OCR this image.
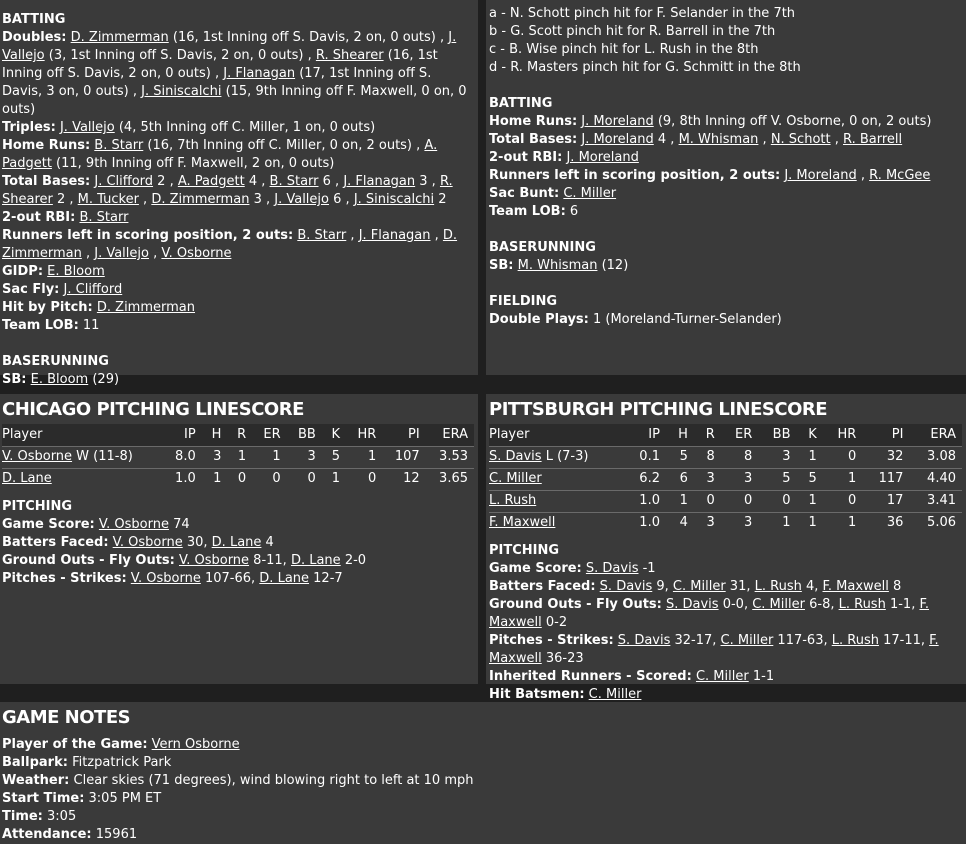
BATTING
Doubles: D. Zimmerman (16, 1st Inning off S. Davis, 2 on, 0 outs) , J. Vallejo (3, 1st Inning off S. Davis, 2 on, 0 outs) , R. Shearer (16, 1st Inning off S. Davis, 2 on, 0 outs) , J. Flanagan (17, 1st Inning off S. Davis, 3 on, 0 outs) , J. Siniscalchi (15, 9th Inning off F. Maxwell, 0 on, 0 outs)
Triples: J. Vallejo (4, 5th Inning off C. Miller, 1 on, 0 outs)
Home Runs: B. Starr (16, 7th Inning off C. Miller, 0 on, 2 outs) , A. Padgett (11, 9th Inning off F. Maxwell, 2 on, 0 outs)
Total Bases: J. Clifford 2 , A. Padgett 4 , B. Starr 6 , J. Flanagan 3 , R. Shearer 2 , M. Tucker , D. Zimmerman 3 , J. Vallejo 6 , J. Siniscalchi 2
2-out RBI: B. Starr
Runners left in scoring position, 2 outs: B. Starr , J. Flanagan , D. Zimmerman , J. Vallejo , V. Osborne
GIDP: E. Bloom
Sac Fly: J. Clifford
Hit by Pitch: D. Zimmerman
Team LOB: 11
BASERUNNING
SB: E. Bloom (29)
a - N. Schott pinch hit for F. Selander in the 7th
b - G. Scott pinch hit for R. Barrell in the 7th
c - B. Wise pinch hit for L. Rush in the 8th
d - R. Masters pinch hit for G. Schmitt in the 8th
BATTING
Home Runs: J. Moreland (9, 8th Inning off V. Osborne, 0 on, 2 outs)
Total Bases: J. Moreland 4 , M. Whisman , N. Schott , R. Barrell
2-out RBI: J. Moreland
Runners left in scoring position, 2 outs: J. Moreland , R. McGee
Sac Bunt: C. Miller
Team LOB: 6
BASERUNNING
SB: M. Whisman (12)
FIELDING
Double Plays: 1 (Moreland-Turner-Selander)
CHICAGO PITCHING LINESCORE
Player	IP	H	R	ER	BB	K	HR	PI	ERA
V. Osborne W (11-8)	8.0	3	1	1	3	5	1	107	3.53
D. Lane	1.0	1	0	0	0	1	0	12	3.65
PITCHING
Game Score: V. Osborne 74
Batters Faced: V. Osborne 30, D. Lane 4
Ground Outs - Fly Outs: V. Osborne 8-11, D. Lane 2-0
Pitches - Strikes: V. Osborne 107-66, D. Lane 12-7
PITTSBURGH PITCHING LINESCORE
Player	IP	H	R	ER	BB	K	HR	PI	ERA
S. Davis L (7-3)	0.1	5	8	8	3	1	0	32	3.08
C. Miller	6.2	6	3	3	5	5	1	117	4.40
L. Rush	1.0	1	0	0	0	1	0	17	3.41
F. Maxwell	1.0	4	3	3	1	1	1	36	5.06
PITCHING
Game Score: S. Davis -1
Batters Faced: S. Davis 9, C. Miller 31, L. Rush 4, F. Maxwell 8
Ground Outs - Fly Outs: S. Davis 0-0, C. Miller 6-8, L. Rush 1-1, F. Maxwell 0-2
Pitches - Strikes: S. Davis 32-17, C. Miller 117-63, L. Rush 17-11, F. Maxwell 36-23
Inherited Runners - Scored: C. Miller 1-1
Hit Batsmen: C. Miller
GAME NOTES
Player of the Game: Vern Osborne
Ballpark: Fitzpatrick Park
Weather: Clear skies (71 degrees), wind blowing right to left at 10 mph
Start Time: 3:05 PM ET
Time: 3:05
Attendance: 15961
